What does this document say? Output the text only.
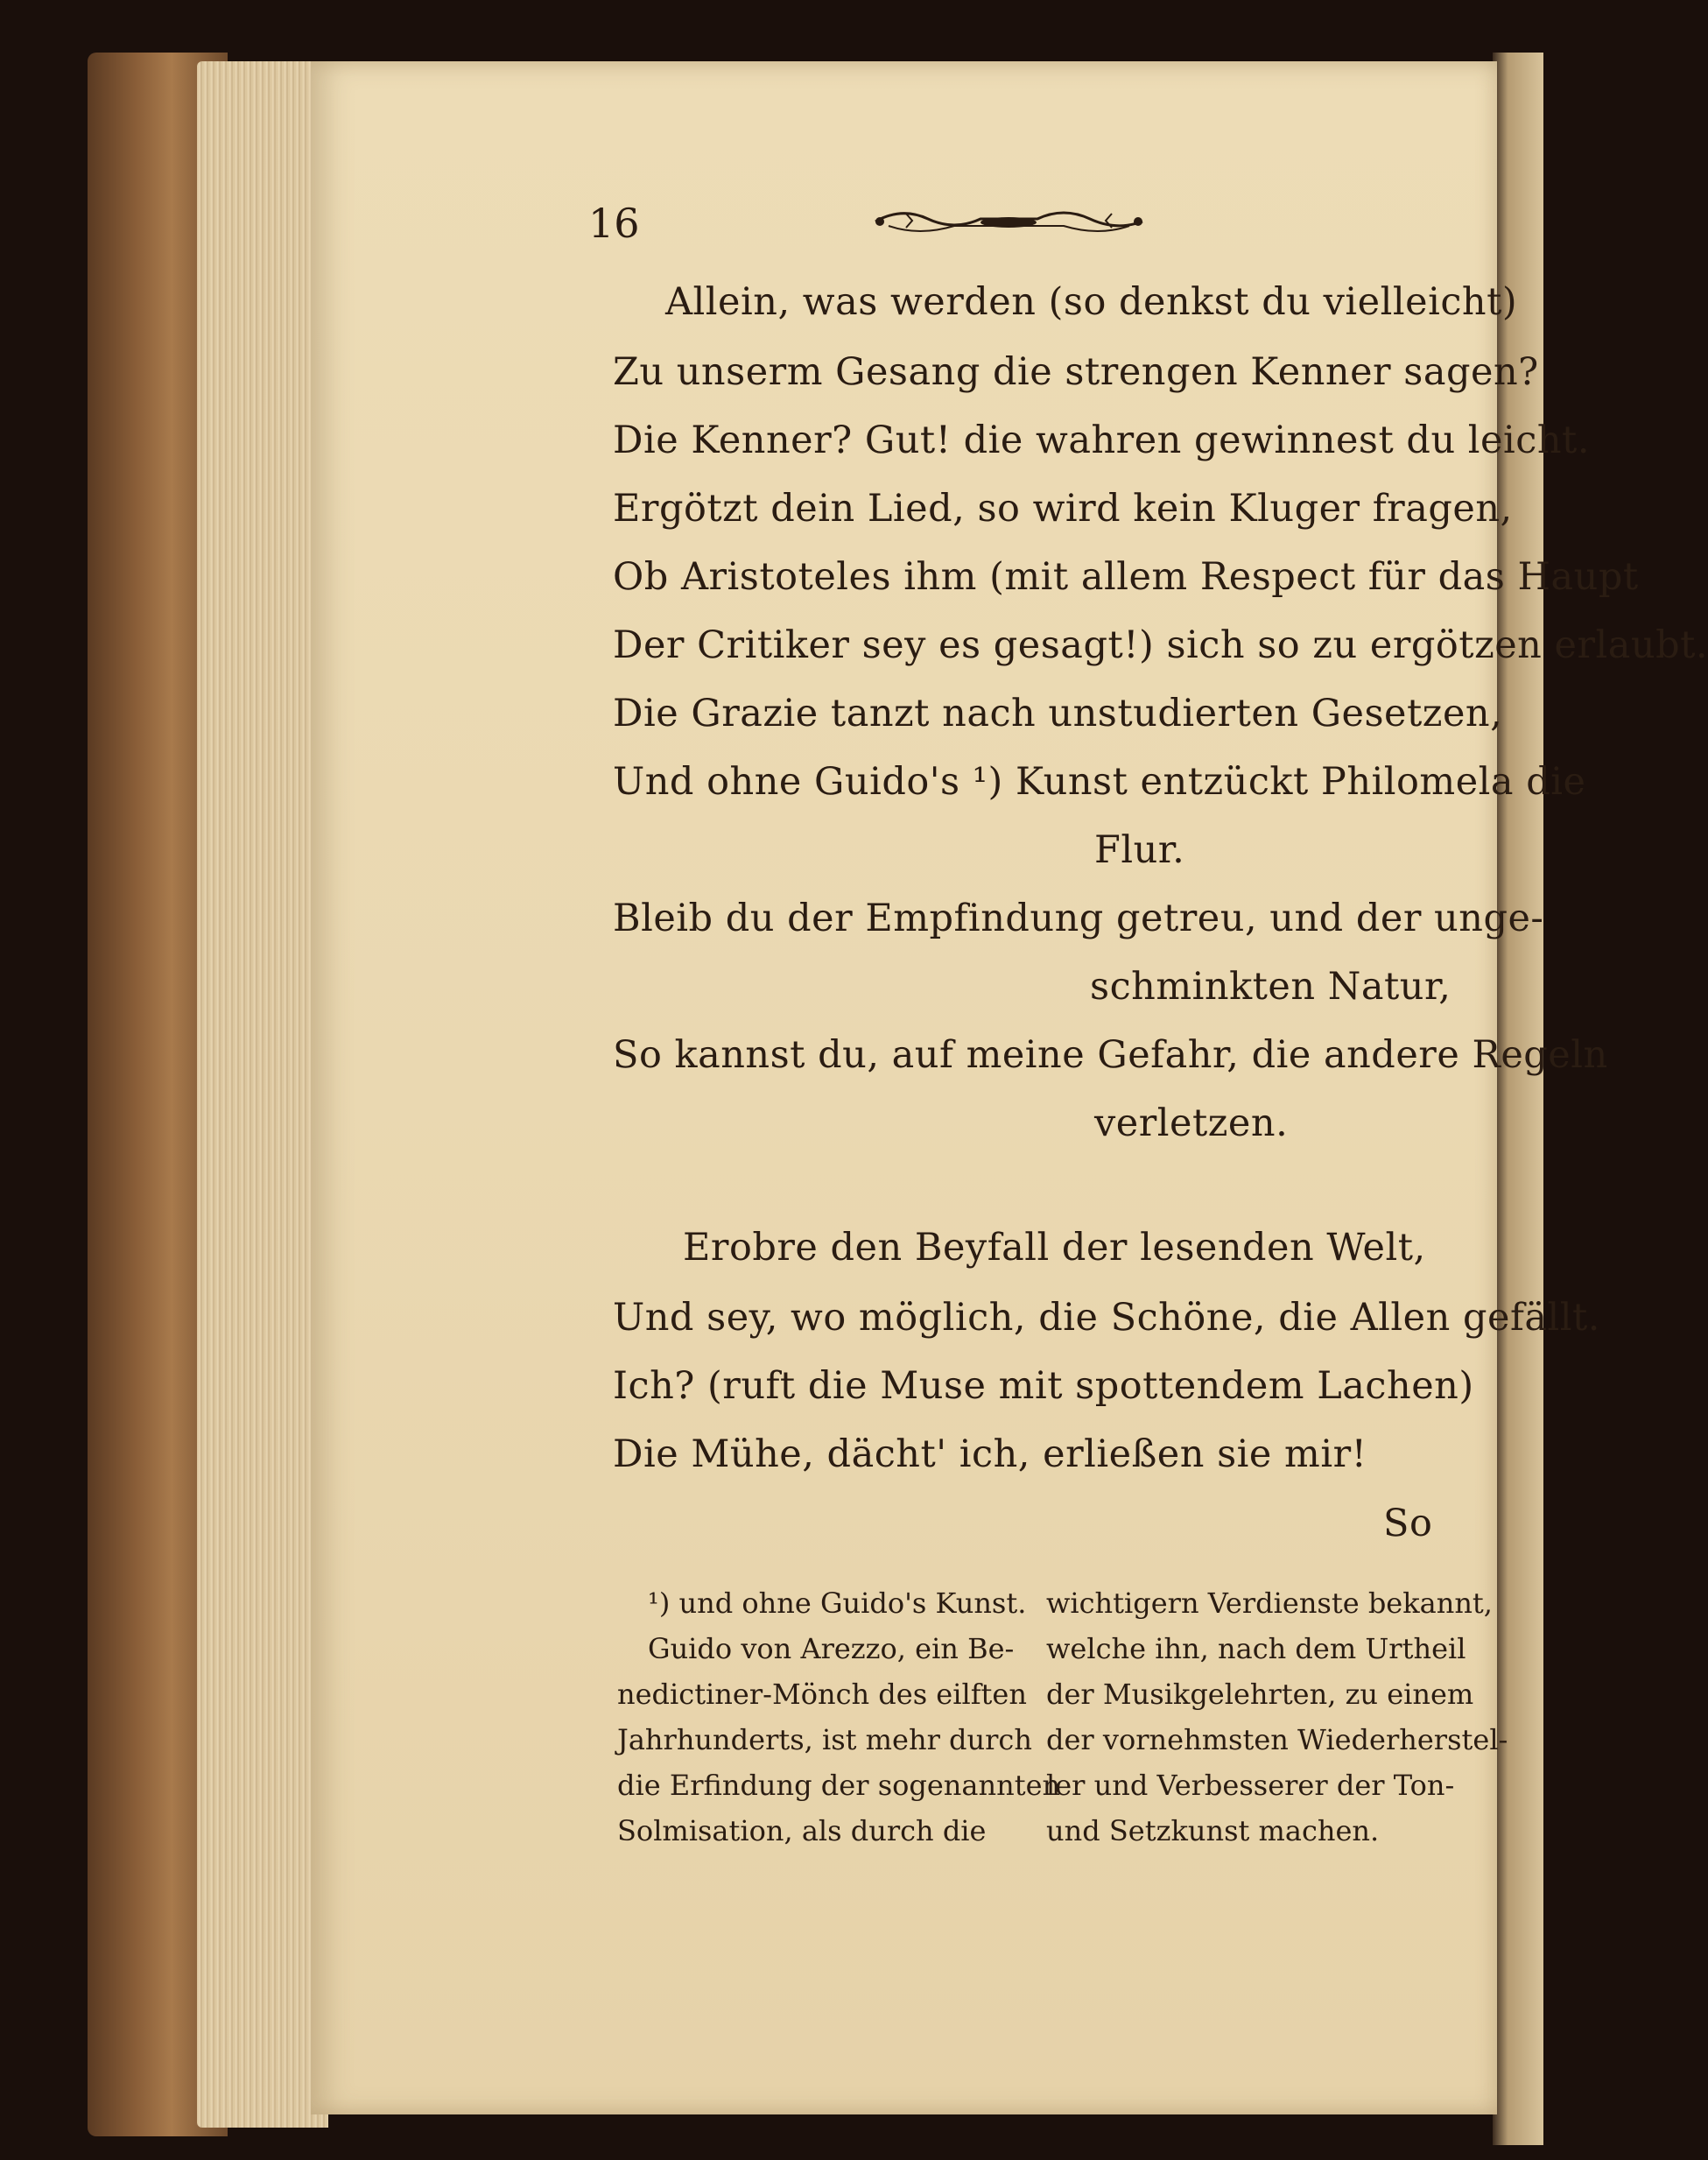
16
Allein, was werden (so denkst du vielleicht)
Zu unserm Gesang die strengen Kenner sagen?
Die Kenner? Gut! die wahren gewinnest du leicht.
Ergötzt dein Lied, so wird kein Kluger fragen,
Ob Aristoteles ihm (mit allem Respect für das Haupt
Der Critiker sey es gesagt!) sich so zu ergötzen erlaubt.
Die Grazie tanzt nach unstudierten Gesetzen,
Und ohne Guido's ¹) Kunst entzückt Philomela die
Flur.
Bleib du der Empfindung getreu, und der unge-
schminkten Natur,
So kannst du, auf meine Gefahr, die andere Regeln
verletzen.
Erobre den Beyfall der lesenden Welt,
Und sey, wo möglich, die Schöne, die Allen gefällt.
Ich? (ruft die Muse mit spottendem Lachen)
Die Mühe, dächt' ich, erließen sie mir!
So
¹) und ohne Guido's Kunst.
Guido von Arezzo, ein Be-
nedictiner-Mönch des eilften
Jahrhunderts, ist mehr durch
die Erfindung der sogenannten
Solmisation, als durch die
wichtigern Verdienste bekannt,
welche ihn, nach dem Urtheil
der Musikgelehrten, zu einem
der vornehmsten Wiederherstel-
ler und Verbesserer der Ton-
und Setzkunst machen.
